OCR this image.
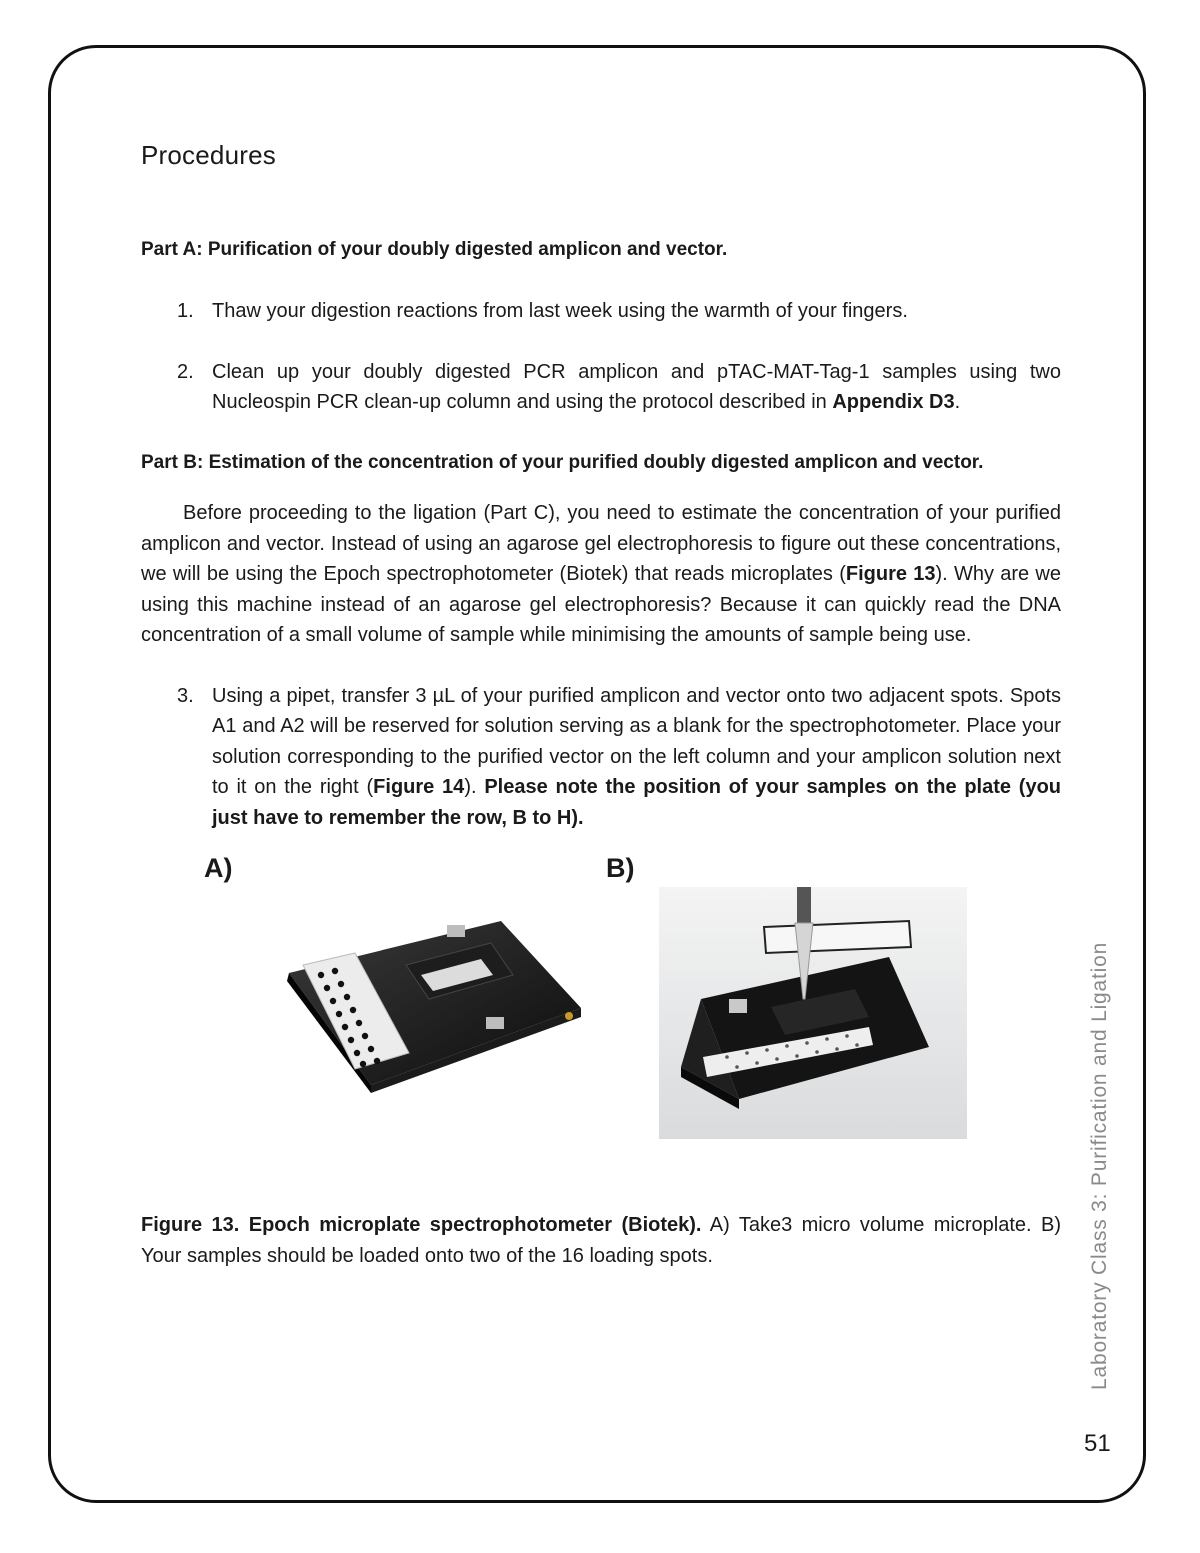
Procedures

Part A: Purification of your doubly digested amplicon and vector.

1. Thaw your digestion reactions from last week using the warmth of your fingers.
2. Clean up your doubly digested PCR amplicon and pTAC-MAT-Tag-1 samples using two Nucleospin PCR clean-up column and using the protocol described in Appendix D3.

Part B: Estimation of the concentration of your purified doubly digested amplicon and vector.

Before proceeding to the ligation (Part C), you need to estimate the concentration of your purified amplicon and vector. Instead of using an agarose gel electrophoresis to figure out these concentrations, we will be using the Epoch spectrophotometer (Biotek) that reads microplates (Figure 13). Why are we using this machine instead of an agarose gel electrophoresis? Because it can quickly read the DNA concentration of a small volume of sample while minimising the amounts of sample being use.

3. Using a pipet, transfer 3 µL of your purified amplicon and vector onto two adjacent spots. Spots A1 and A2 will be reserved for solution serving as a blank for the spectrophotometer. Place your solution corresponding to the purified vector on the left column and your amplicon solution next to it on the right (Figure 14). Please note the position of your samples on the plate (you just have to remember the row, B to H).
A)	B)

Figure 13. Epoch microplate spectrophotometer (Biotek). A) Take3 micro volume microplate. B) Your samples should be loaded onto two of the 16 loading spots.	Laboratory Class 3: Purification and Ligation
51
